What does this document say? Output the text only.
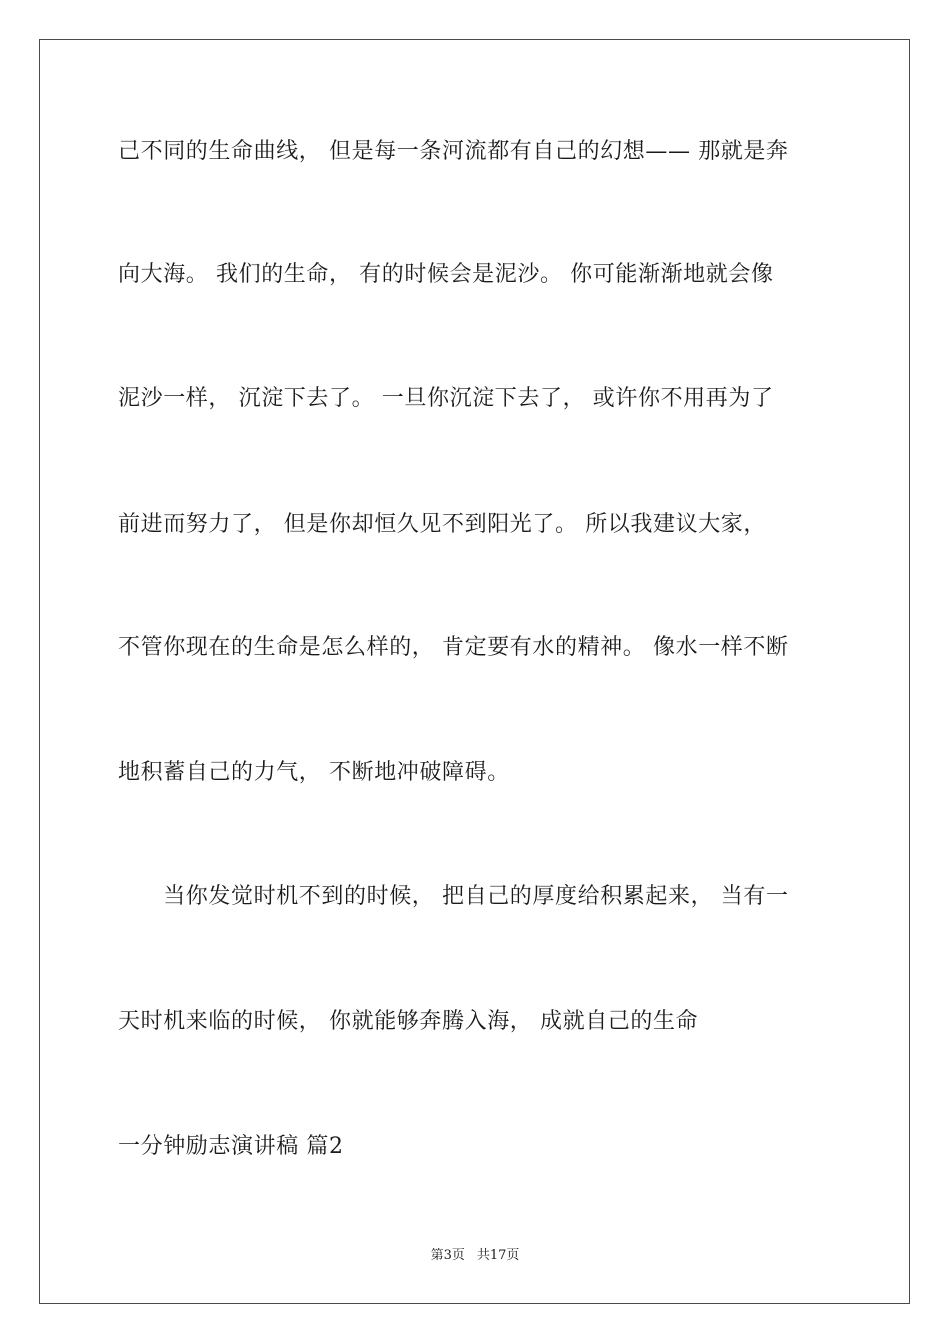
己不同的生命曲线， 但是每一条河流都有自己的幻想—— 那就是奔
向大海。 我们的生命， 有的时候会是泥沙。 你可能渐渐地就会像
泥沙一样， 沉淀下去了。 一旦你沉淀下去了， 或许你不用再为了
前进而努力了， 但是你却恒久见不到阳光了。 所以我建议大家，
不管你现在的生命是怎么样的， 肯定要有水的精神。 像水一样不断
地积蓄自己的力气， 不断地冲破障碍。
　　当你发觉时机不到的时候， 把自己的厚度给积累起来， 当有一
天时机来临的时候， 你就能够奔腾入海， 成就自己的生命
一分钟励志演讲稿 篇2
第3页 共17页
